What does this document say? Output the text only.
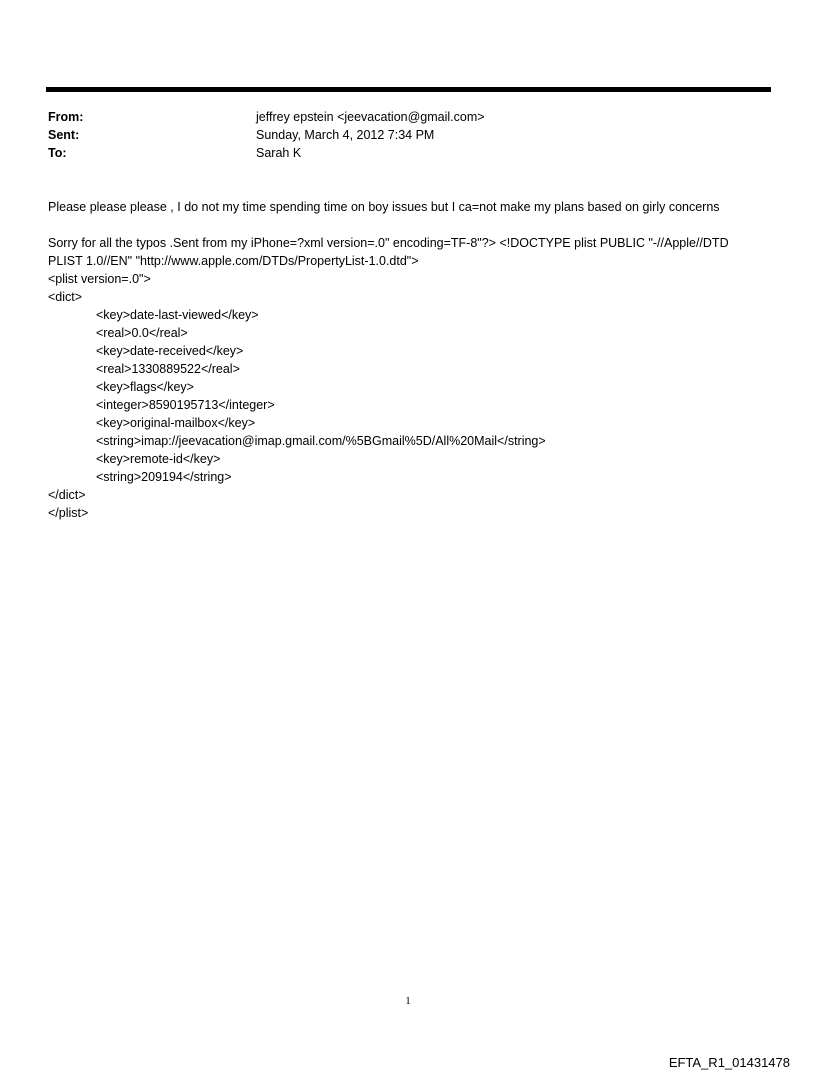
From:	jeffrey epstein <jeevacation@gmail.com>
Sent:	Sunday, March 4, 2012 7:34 PM
To:	Sarah K

Please please please , I do not my time spending time on boy issues but I ca=not make my plans based on girly concerns

Sorry for all the typos .Sent from my iPhone=?xml version=.0" encoding=TF-8"?> <!DOCTYPE plist PUBLIC "-//Apple//DTD

PLIST 1.0//EN" "http://www.apple.com/DTDs/PropertyList-1.0.dtd">

<plist version=.0">

<dict>

<key>date-last-viewed</key>

<real>0.0</real>

<key>date-received</key>

<real>1330889522</real>

<key>flags</key>

<integer>8590195713</integer>

<key>original-mailbox</key>

<string>imap://jeevacation@imap.gmail.com/%5BGmail%5D/All%20Mail</string>

<key>remote-id</key>

<string>209194</string>

</dict>

</plist>

1
EFTA_R1_01431478
